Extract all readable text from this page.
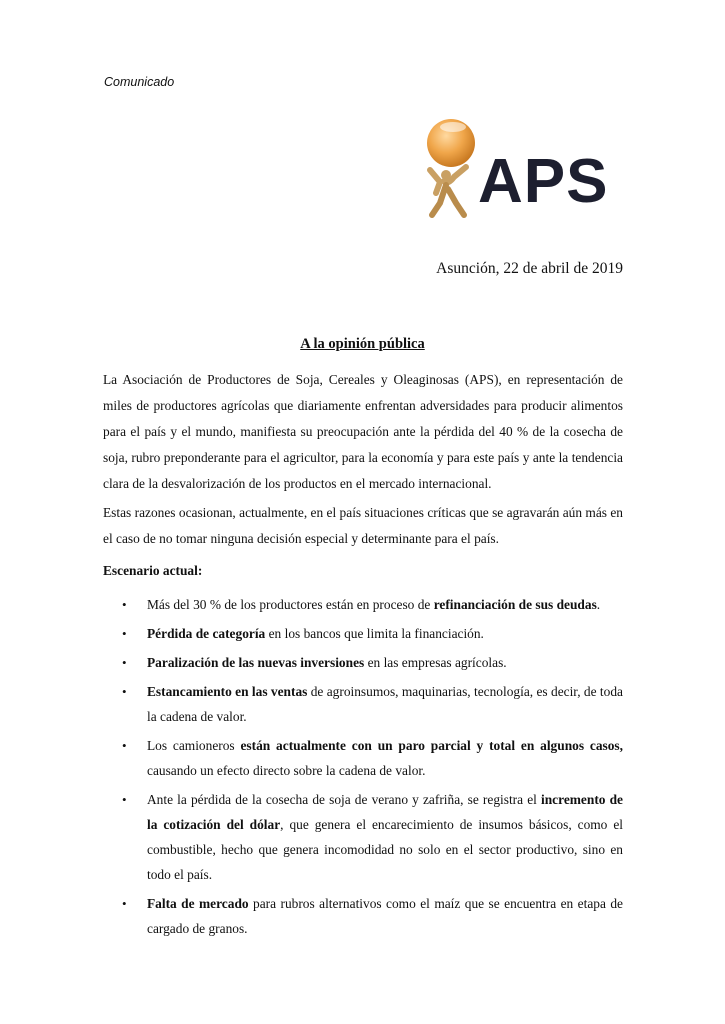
Comunicado
APS
Asunción, 22 de abril de 2019
A la opinión pública

La Asociación de Productores de Soja, Cereales y Oleaginosas (APS), en representación de miles de productores agrícolas que diariamente enfrentan adversidades para producir alimentos para el país y el mundo, manifiesta su preocupación ante la pérdida del 40 % de la cosecha de soja, rubro preponderante para el agricultor, para la economía y para este país y ante la tendencia clara de la desvalorización de los productos en el mercado internacional.

Estas razones ocasionan, actualmente, en el país situaciones críticas que se agravarán aún más en el caso de no tomar ninguna decisión especial y determinante para el país.

Escenario actual:
• Más del 30 % de los productores están en proceso de refinanciación de sus deudas.
• Pérdida de categoría en los bancos que limita la financiación.
• Paralización de las nuevas inversiones en las empresas agrícolas.
• Estancamiento en las ventas de agroinsumos, maquinarias, tecnología, es decir, de toda la cadena de valor.
• Los camioneros están actualmente con un paro parcial y total en algunos casos, causando un efecto directo sobre la cadena de valor.
• Ante la pérdida de la cosecha de soja de verano y zafriña, se registra el incremento de la cotización del dólar, que genera el encarecimiento de insumos básicos, como el combustible, hecho que genera incomodidad no solo en el sector productivo, sino en todo el país.
• Falta de mercado para rubros alternativos como el maíz que se encuentra en etapa de cargado de granos.
